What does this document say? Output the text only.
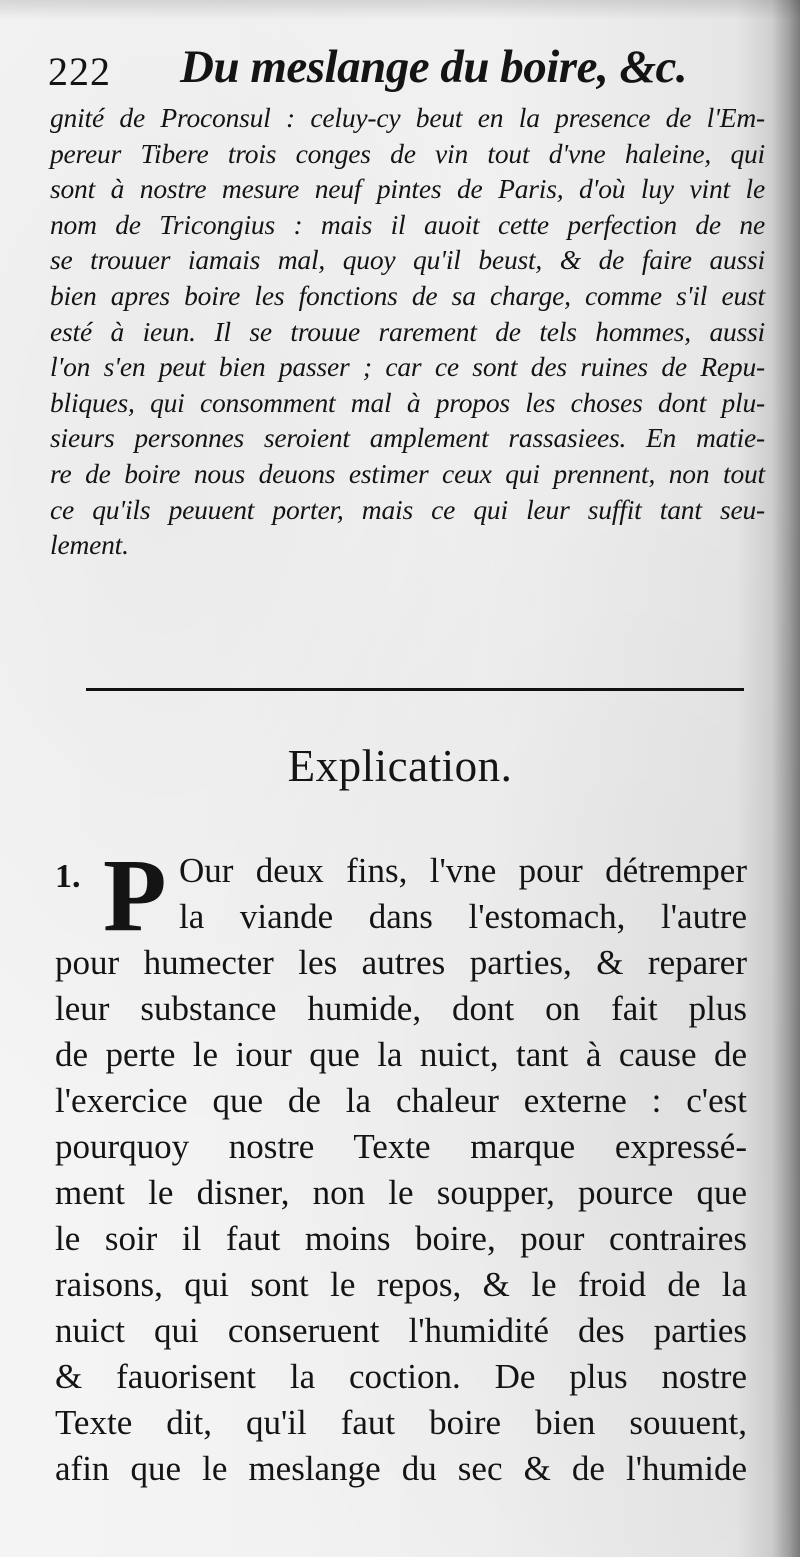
222 Du meslange du boire, &c.
gnité de Proconsul : celuy-cy beut en la presence de l'Em-
pereur Tibere trois conges de vin tout d'vne haleine, qui
sont à nostre mesure neuf pintes de Paris, d'où luy vint le
nom de Tricongius : mais il auoit cette perfection de ne
se trouuer iamais mal, quoy qu'il beust, & de faire aussi
bien apres boire les fonctions de sa charge, comme s'il eust
esté à ieun. Il se trouue rarement de tels hommes, aussi
l'on s'en peut bien passer ; car ce sont des ruines de Repu-
bliques, qui consomment mal à propos les choses dont plu-
sieurs personnes seroient amplement rassasiees. En matie-
re de boire nous deuons estimer ceux qui prennent, non tout
ce qu'ils peuuent porter, mais ce qui leur suffit tant seu-
lement.
Explication.
1. P Our deux fins, l'vne pour détremper
la viande dans l'estomach, l'autre
pour humecter les autres parties, & reparer
leur substance humide, dont on fait plus
de perte le iour que la nuict, tant à cause de
l'exercice que de la chaleur externe : c'est
pourquoy nostre Texte marque expressé-
ment le disner, non le soupper, pource que
le soir il faut moins boire, pour contraires
raisons, qui sont le repos, & le froid de la
nuict qui conseruent l'humidité des parties
& fauorisent la coction. De plus nostre
Texte dit, qu'il faut boire bien souuent,
afin que le meslange du sec & de l'humide
